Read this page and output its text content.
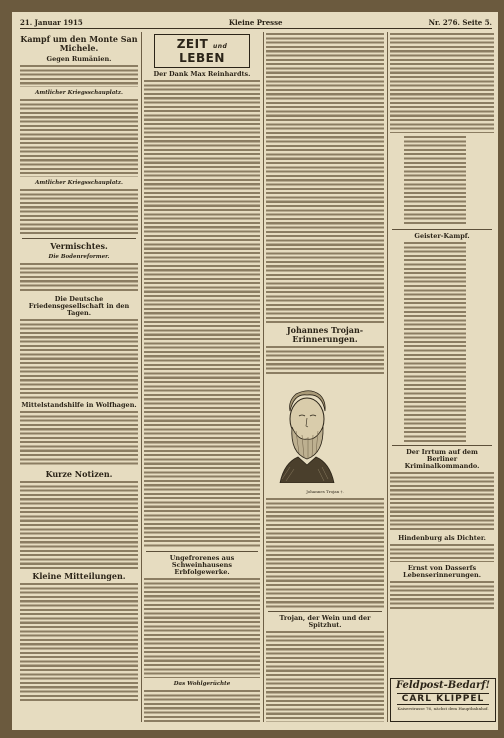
21. Januar 1915	Kleine Presse	Nr. 276. Seite 5.
Kampf um den Monte San Michele.
Gegen Rumänien.
Amtlicher Kriegsschauplatz.
Amtlicher Kriegsschauplatz.
Vermischtes.
Die Bodenreformer.
Die Deutsche Friedensgesellschaft in den Tagen.
Mittelstandshilfe in Wolfhagen.
Kurze Notizen.
Kleine Mitteilungen.
ZEIT und LEBEN
Der Dank Max Reinhardts.
Ungefrorenes aus Schweinhausens Erbfolgewerke.
Das Wohlgerüchte
Johannes Trojan-Erinnerungen.
Johannes Trojan †.
Trojan, der Wein und der Spitzhut.
Geister-Kampf.
Der Irrtum auf dem Berliner Kriminalkommando.
Hindenburg als Dichter.
Ernst von Dasserfs Lebenserinnerungen.
Feldpost-Bedarf!
CARL KLIPPEL
Kaiserstrasse 76, nächst dem Hauptbahnhof.
